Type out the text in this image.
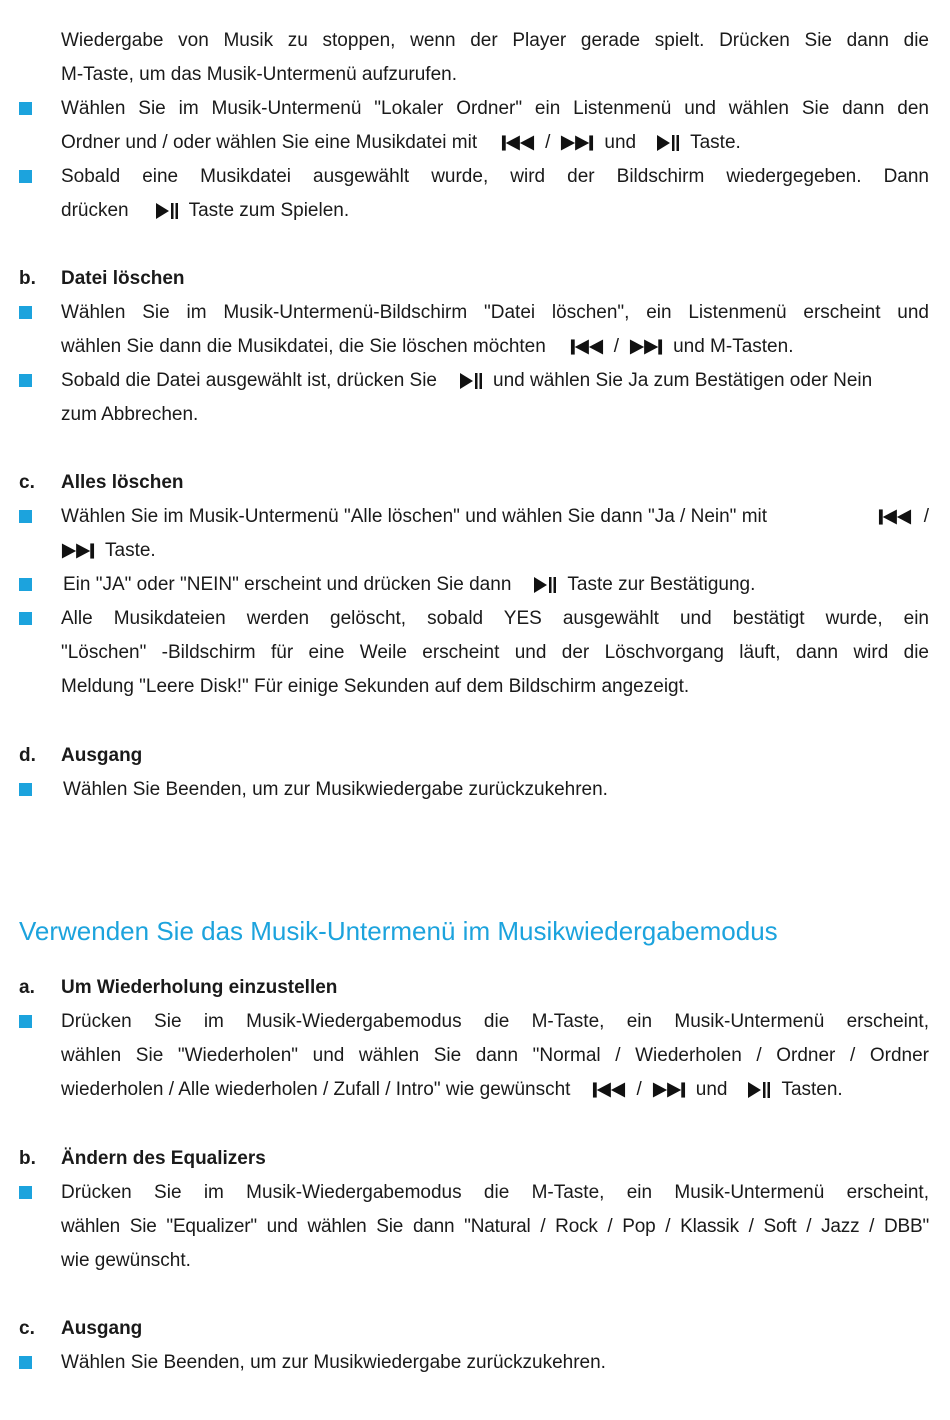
Wiedergabe von Musik zu stoppen, wenn der Player gerade spielt. Drücken Sie dann die
M-Taste, um das Musik-Untermenü aufzurufen.
Wählen Sie im Musik-Untermenü "Lokaler Ordner" ein Listenmenü und wählen Sie dann den
Ordner und / oder wählen Sie eine Musikdatei mit	/	und	Taste.
Sobald eine Musikdatei ausgewählt wurde, wird der Bildschirm wiedergegeben. Dann
drücken	Taste zum Spielen.
b. Datei löschen
Wählen Sie im Musik-Untermenü-Bildschirm "Datei löschen", ein Listenmenü erscheint und
wählen Sie dann die Musikdatei, die Sie löschen möchten	/	und M-Tasten.
Sobald die Datei ausgewählt ist, drücken Sie	und wählen Sie Ja zum Bestätigen oder Nein
zum Abbrechen.
c. Alles löschen
Wählen Sie im Musik-Untermenü "Alle löschen" und wählen Sie dann "Ja / Nein" mit	/
Taste.
Ein "JA" oder "NEIN" erscheint und drücken Sie dann	Taste zur Bestätigung.
Alle Musikdateien werden gelöscht, sobald YES ausgewählt und bestätigt wurde, ein
"Löschen" -Bildschirm für eine Weile erscheint und der Löschvorgang läuft, dann wird die
Meldung "Leere Disk!" Für einige Sekunden auf dem Bildschirm angezeigt.
d. Ausgang
Wählen Sie Beenden, um zur Musikwiedergabe zurückzukehren.
Verwenden Sie das Musik-Untermenü im Musikwiedergabemodus
a. Um Wiederholung einzustellen
Drücken Sie im Musik-Wiedergabemodus die M-Taste, ein Musik-Untermenü erscheint,
wählen Sie "Wiederholen" und wählen Sie dann "Normal / Wiederholen / Ordner / Ordner
wiederholen / Alle wiederholen / Zufall / Intro" wie gewünscht	/	und	Tasten.
b. Ändern des Equalizers
Drücken Sie im Musik-Wiedergabemodus die M-Taste, ein Musik-Untermenü erscheint,
wählen Sie "Equalizer" und wählen Sie dann "Natural / Rock / Pop / Klassik / Soft / Jazz / DBB"
wie gewünscht.
c. Ausgang
Wählen Sie Beenden, um zur Musikwiedergabe zurückzukehren.
